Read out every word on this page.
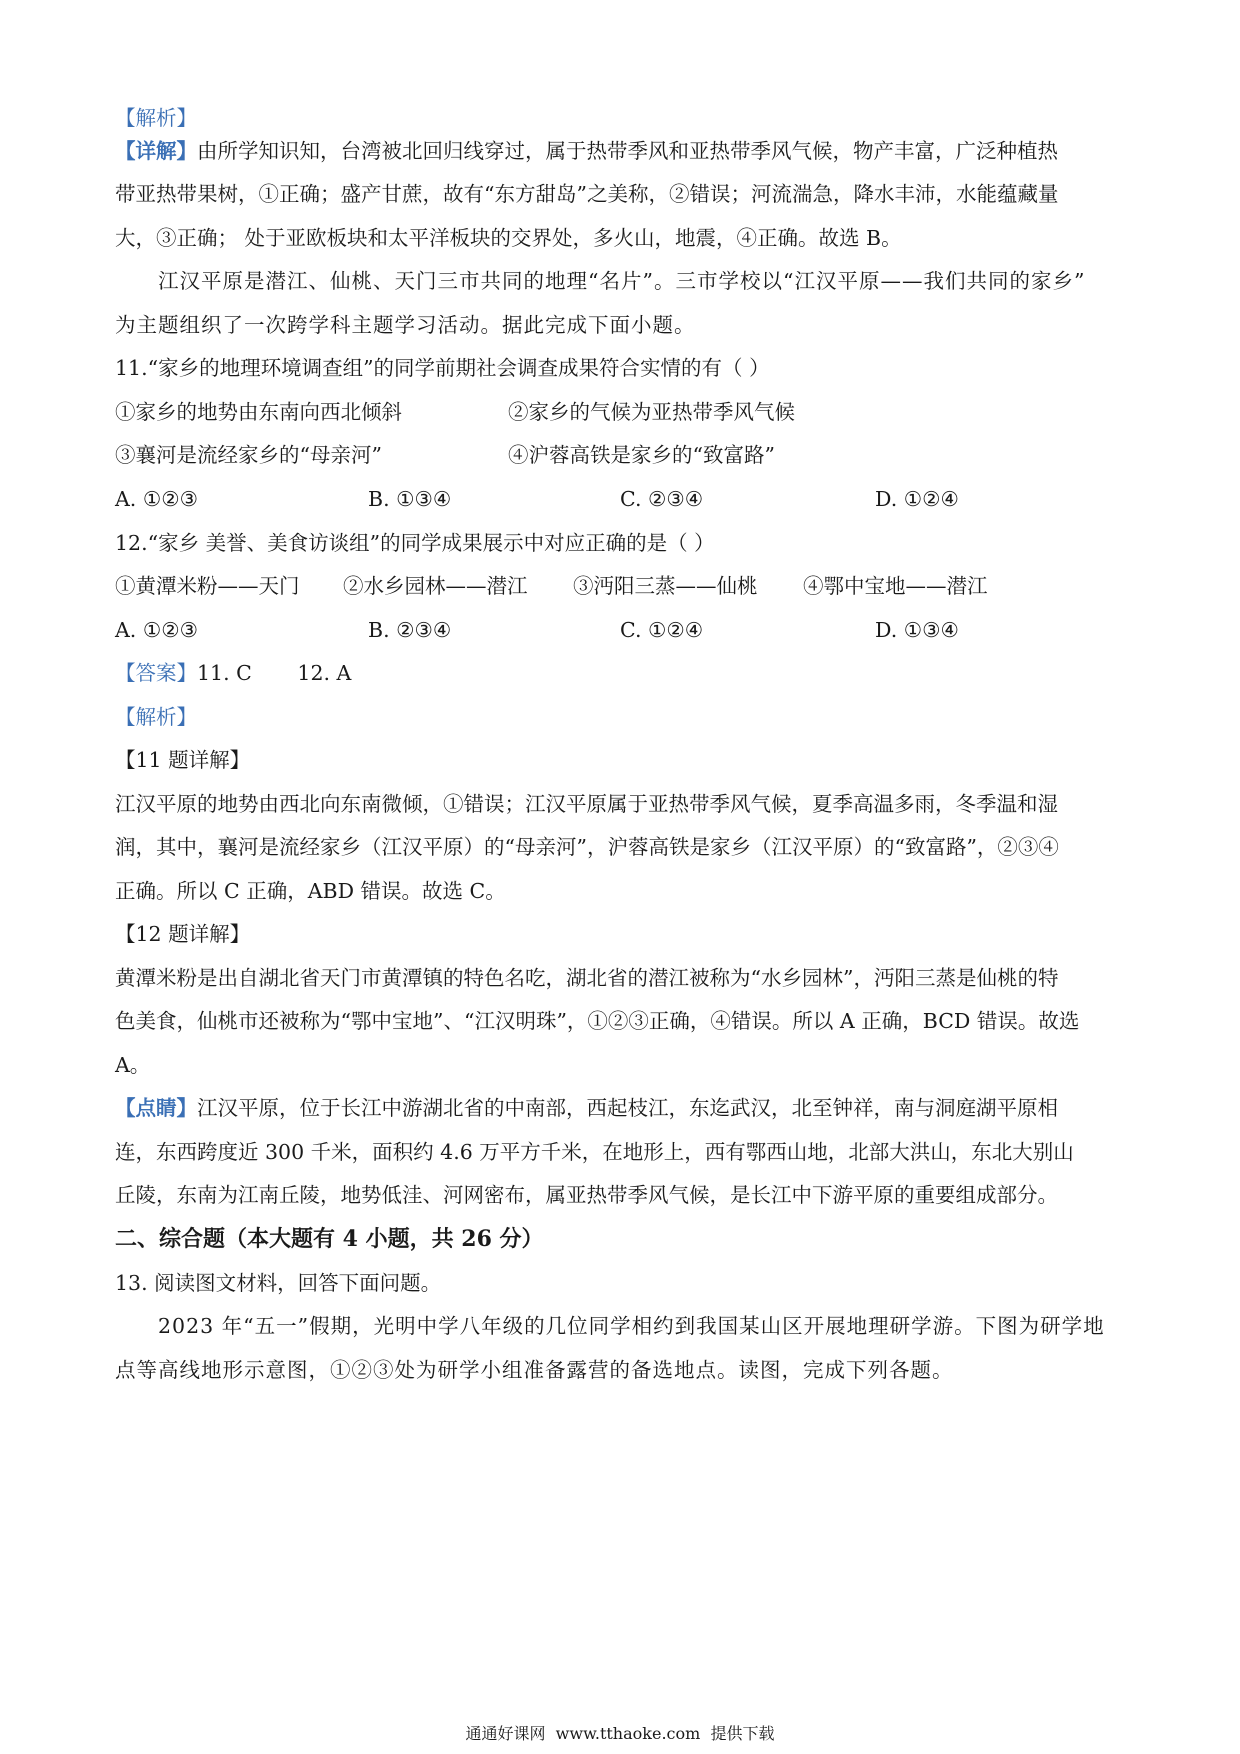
【解析】
【详解】由所学知识知，台湾被北回归线穿过，属于热带季风和亚热带季风气候，物产丰富，广泛种植热
带亚热带果树，①正确；盛产甘蔗，故有“东方甜岛”之美称，②错误；河流湍急，降水丰沛，水能蕴藏量
大，③正确； 处于亚欧板块和太平洋板块的交界处，多火山，地震，④正确。故选 B。
江汉平原是潜江、仙桃、天门三市共同的地理“名片”。三市学校以“江汉平原——我们共同的家乡”
为主题组织了一次跨学科主题学习活动。据此完成下面小题。
11.“家乡的地理环境调查组”的同学前期社会调查成果符合实情的有（ ）
①家乡的地势由东南向西北倾斜	②家乡的气候为亚热带季风气候
③襄河是流经家乡的“母亲河”	④沪蓉高铁是家乡的“致富路”
A. ①②③	B. ①③④	C. ②③④	D. ①②④
12.“家乡 美誉、美食访谈组”的同学成果展示中对应正确的是（ ）
①黄潭米粉——天门 ②水乡园林——潜江 ③沔阳三蒸——仙桃 ④鄂中宝地——潜江
A. ①②③	B. ②③④	C. ①②④	D. ①③④
【答案】11. C       12. A
【解析】
【11 题详解】
江汉平原的地势由西北向东南微倾，①错误；江汉平原属于亚热带季风气候，夏季高温多雨，冬季温和湿
润，其中，襄河是流经家乡（江汉平原）的“母亲河”，沪蓉高铁是家乡（江汉平原）的“致富路”，②③④
正确。所以 C 正确，ABD 错误。故选 C。
【12 题详解】
黄潭米粉是出自湖北省天门市黄潭镇的特色名吃，湖北省的潜江被称为“水乡园林”，沔阳三蒸是仙桃的特
色美食，仙桃市还被称为“鄂中宝地”、“江汉明珠”，①②③正确，④错误。所以 A 正确，BCD 错误。故选
A。
【点睛】江汉平原，位于长江中游湖北省的中南部，西起枝江，东迄武汉，北至钟祥，南与洞庭湖平原相
连，东西跨度近 300 千米，面积约 4.6 万平方千米，在地形上，西有鄂西山地，北部大洪山，东北大别山
丘陵，东南为江南丘陵，地势低洼、河网密布，属亚热带季风气候，是长江中下游平原的重要组成部分。
二、综合题（本大题有 4 小题，共 26 分）
13. 阅读图文材料，回答下面问题。
2023 年“五一”假期，光明中学八年级的几位同学相约到我国某山区开展地理研学游。下图为研学地
点等高线地形示意图，①②③处为研学小组准备露营的备选地点。读图，完成下列各题。
通通好课网  www.tthaoke.com  提供下载
